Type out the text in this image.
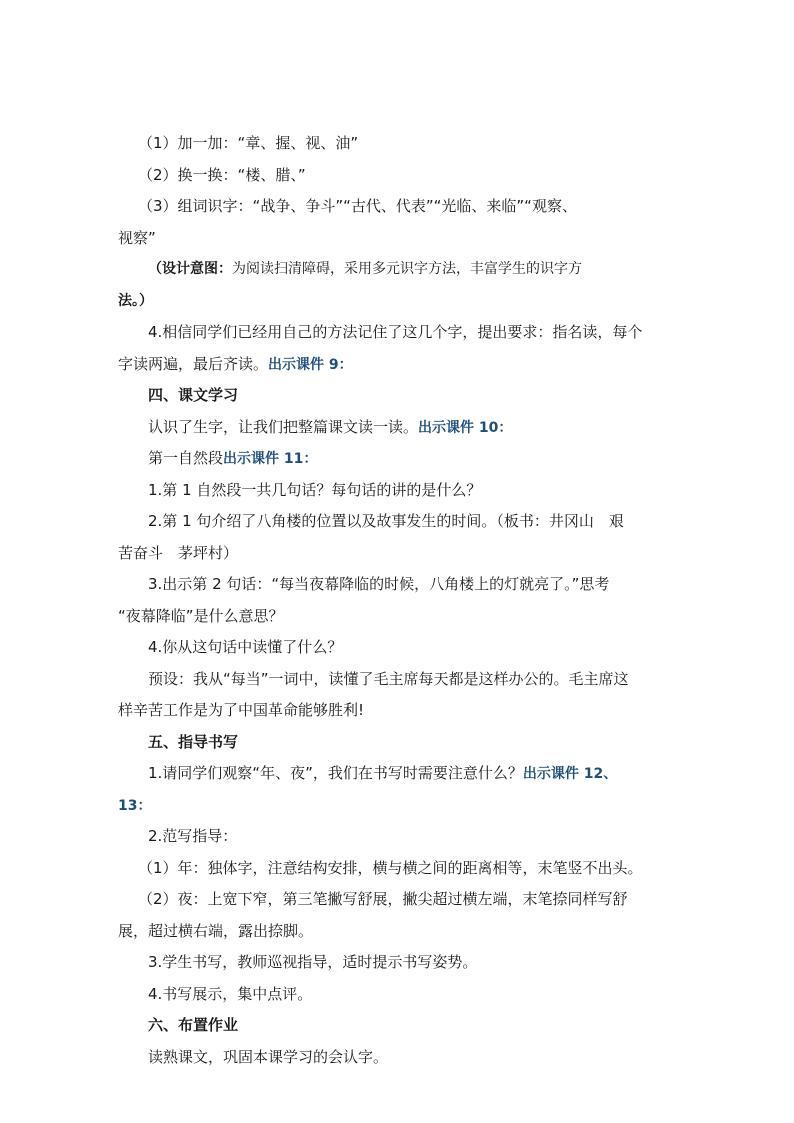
（1）加一加：“章、握、视、油”
（2）换一换：“楼、腊、”
（3）组词识字：“战争、争斗”“古代、代表”“光临、来临”“观察、
视察”
（设计意图：为阅读扫清障碍，采用多元识字方法，丰富学生的识字方
法。）
4.相信同学们已经用自己的方法记住了这几个字，提出要求：指名读，每个
字读两遍，最后齐读。出示课件 9：
四、课文学习
认识了生字，让我们把整篇课文读一读。出示课件 10：
第一自然段出示课件 11：
1.第 1 自然段一共几句话？每句话的讲的是什么？
2.第 1 句介绍了八角楼的位置以及故事发生的时间。（板书：井冈山　艰
苦奋斗　茅坪村）
3.出示第 2 句话：“每当夜幕降临的时候，八角楼上的灯就亮了。”思考
“夜幕降临”是什么意思？
4.你从这句话中读懂了什么？
预设：我从“每当”一词中，读懂了毛主席每天都是这样办公的。毛主席这
样辛苦工作是为了中国革命能够胜利!
五、指导书写
1.请同学们观察“年、夜”，我们在书写时需要注意什么？出示课件 12、
13：
2.范写指导：
（1）年：独体字，注意结构安排，横与横之间的距离相等，末笔竖不出头。
（2）夜：上宽下窄，第三笔撇写舒展，撇尖超过横左端，末笔捺同样写舒
展，超过横右端，露出捺脚。
3.学生书写，教师巡视指导，适时提示书写姿势。
4.书写展示，集中点评。
六、布置作业
读熟课文，巩固本课学习的会认字。
